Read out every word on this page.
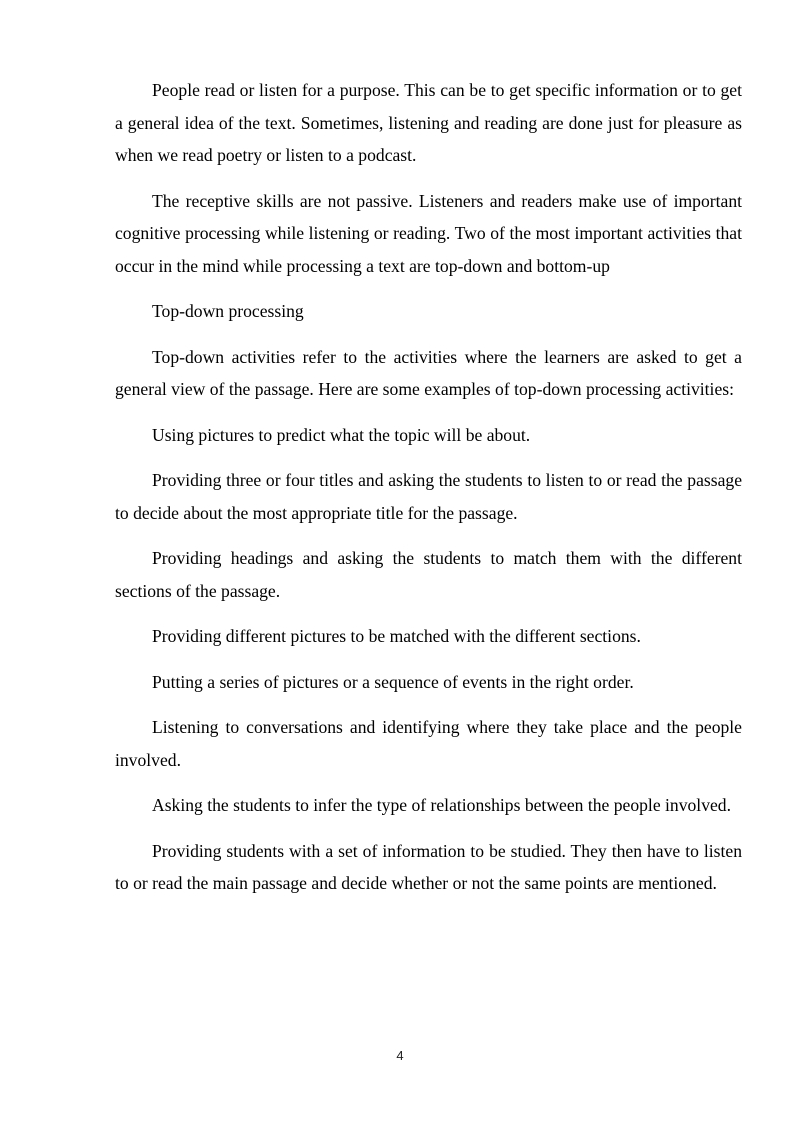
People read or listen for a purpose. This can be to get specific information or to get a general idea of the text. Sometimes, listening and reading are done just for pleasure as when we read poetry or listen to a podcast.

The receptive skills are not passive. Listeners and readers make use of important cognitive processing while listening or reading. Two of the most important activities that occur in the mind while processing a text are top-down and bottom-up

Top-down processing

Top-down activities refer to the activities where the learners are asked to get a general view of the passage. Here are some examples of top-down processing activities:

Using pictures to predict what the topic will be about.

Providing three or four titles and asking the students to listen to or read the passage to decide about the most appropriate title for the passage.

Providing headings and asking the students to match them with the different sections of the passage.

Providing different pictures to be matched with the different sections.

Putting a series of pictures or a sequence of events in the right order.

Listening to conversations and identifying where they take place and the people involved.

Asking the students to infer the type of relationships between the people involved.

Providing students with a set of information to be studied. They then have to listen to or read the main passage and decide whether or not the same points are mentioned.

4
